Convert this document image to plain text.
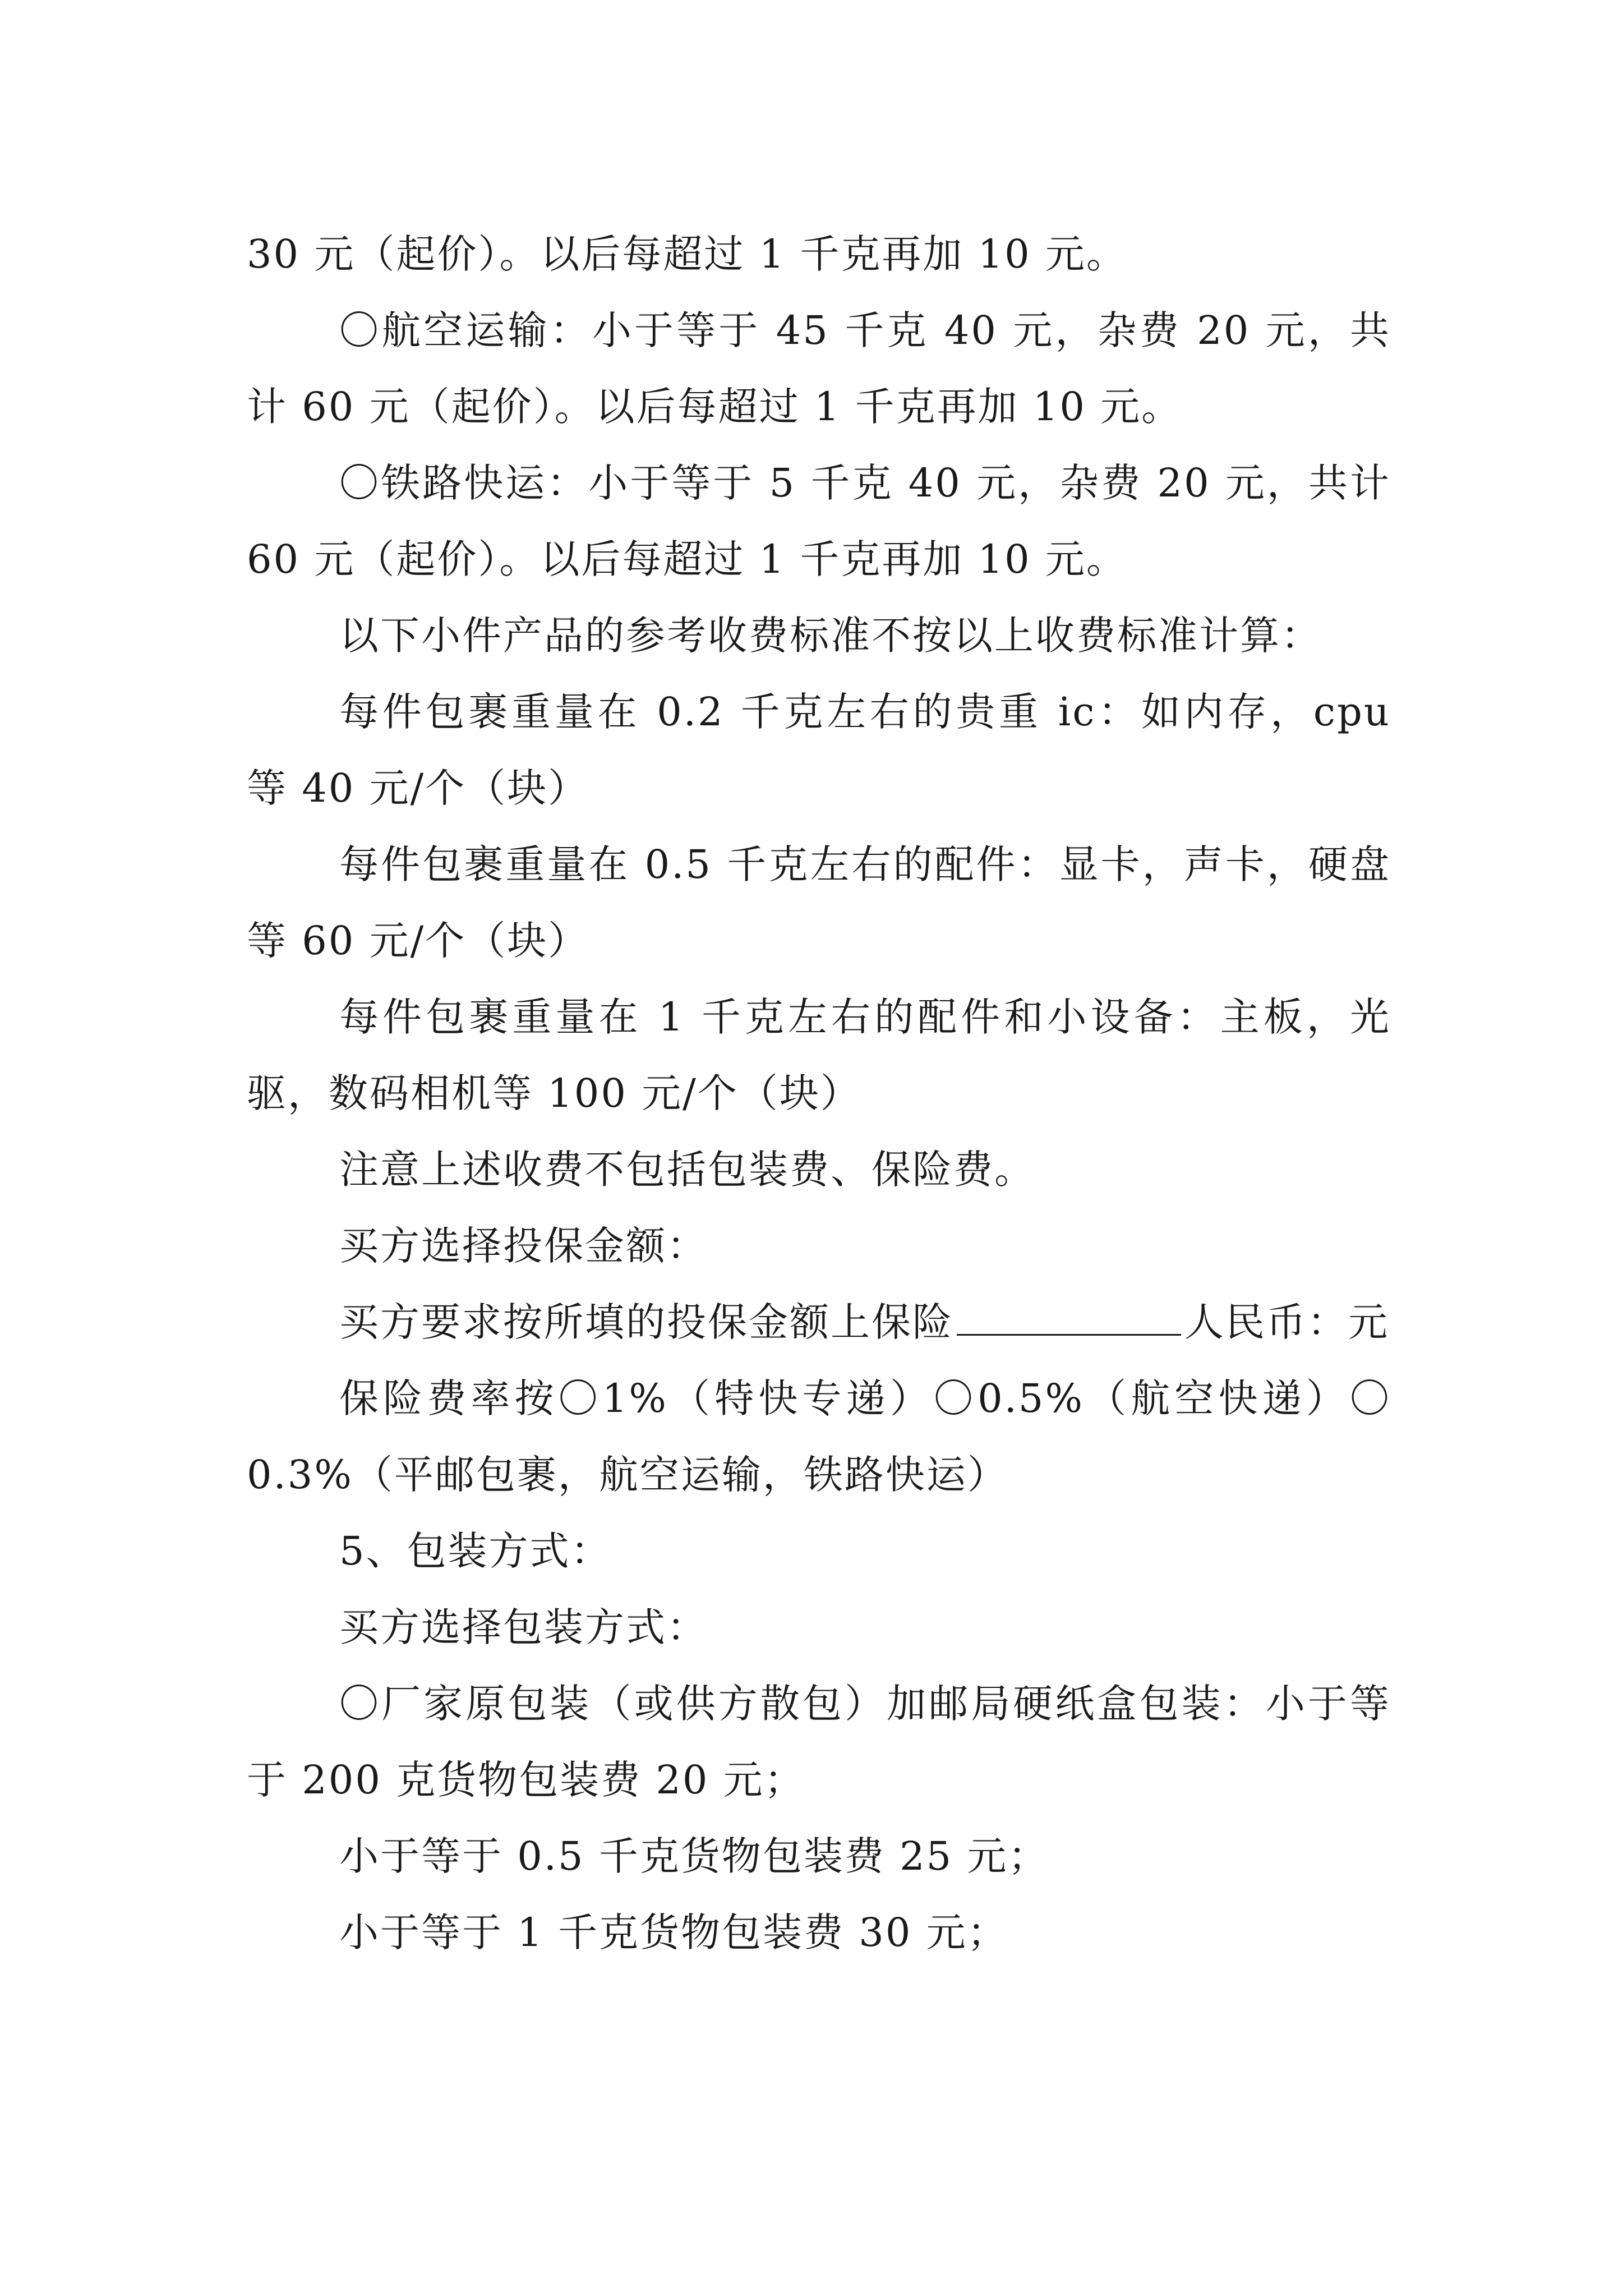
30 元（起价）。以后每超过 1 千克再加 10 元。

〇航空运输：小于等于 45 千克 40 元，杂费 20 元，共计 60 元（起价）。以后每超过 1 千克再加 10 元。

〇铁路快运：小于等于 5 千克 40 元，杂费 20 元，共计 60 元（起价）。以后每超过 1 千克再加 10 元。

以下小件产品的参考收费标准不按以上收费标准计算：

每件包裹重量在 0.2 千克左右的贵重 ic：如内存，cpu 等 40 元/个（块）

每件包裹重量在 0.5 千克左右的配件：显卡，声卡，硬盘等 60 元/个（块）

每件包裹重量在 1 千克左右的配件和小设备：主板，光驱，数码相机等 100 元/个（块）

注意上述收费不包括包装费、保险费。

买方选择投保金额：

买方要求按所填的投保金额上保险	人民币：元

保险费率按〇1%（特快专递）〇0.5%（航空快递）〇0.3%（平邮包裹，航空运输，铁路快运）

5、包装方式：

买方选择包装方式：

〇厂家原包装（或供方散包）加邮局硬纸盒包装：小于等于 200 克货物包装费 20 元；

小于等于 0.5 千克货物包装费 25 元；

小于等于 1 千克货物包装费 30 元；
